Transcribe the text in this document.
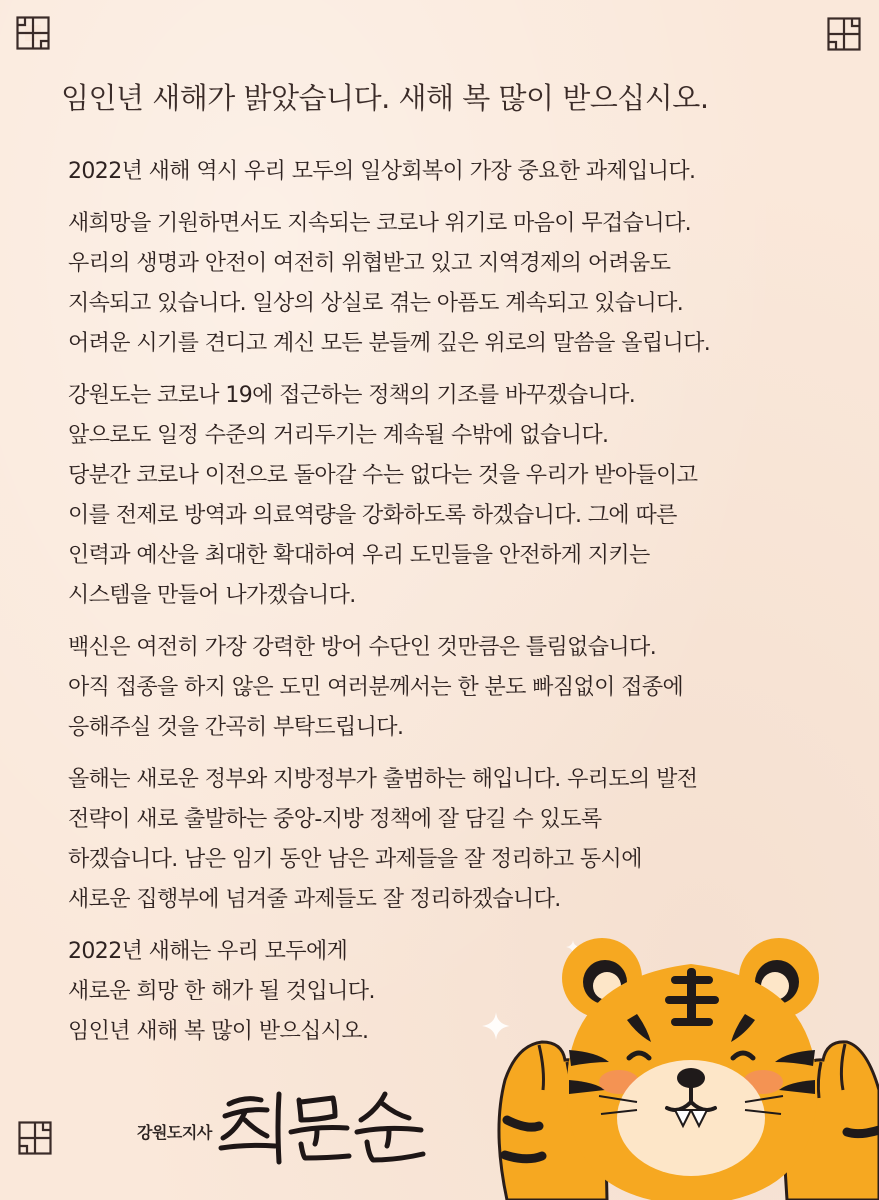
임인년 새해가 밝았습니다. 새해 복 많이 받으십시오.

2022년 새해 역시 우리 모두의 일상회복이 가장 중요한 과제입니다.

새희망을 기원하면서도 지속되는 코로나 위기로 마음이 무겁습니다.
우리의 생명과 안전이 여전히 위협받고 있고 지역경제의 어려움도
지속되고 있습니다. 일상의 상실로 겪는 아픔도 계속되고 있습니다.
어려운 시기를 견디고 계신 모든 분들께 깊은 위로의 말씀을 올립니다.

강원도는 코로나 19에 접근하는 정책의 기조를 바꾸겠습니다.
앞으로도 일정 수준의 거리두기는 계속될 수밖에 없습니다.
당분간 코로나 이전으로 돌아갈 수는 없다는 것을 우리가 받아들이고
이를 전제로 방역과 의료역량을 강화하도록 하겠습니다. 그에 따른
인력과 예산을 최대한 확대하여 우리 도민들을 안전하게 지키는
시스템을 만들어 나가겠습니다.

백신은 여전히 가장 강력한 방어 수단인 것만큼은 틀림없습니다.
아직 접종을 하지 않은 도민 여러분께서는 한 분도 빠짐없이 접종에
응해주실 것을 간곡히 부탁드립니다.

올해는 새로운 정부와 지방정부가 출범하는 해입니다. 우리도의 발전
전략이 새로 출발하는 중앙-지방 정책에 잘 담길 수 있도록
하겠습니다. 남은 임기 동안 남은 과제들을 잘 정리하고 동시에
새로운 집행부에 넘겨줄 과제들도 잘 정리하겠습니다.

2022년 새해는 우리 모두에게
새로운 희망 한 해가 될 것입니다.
임인년 새해 복 많이 받으십시오.

강원도지사
